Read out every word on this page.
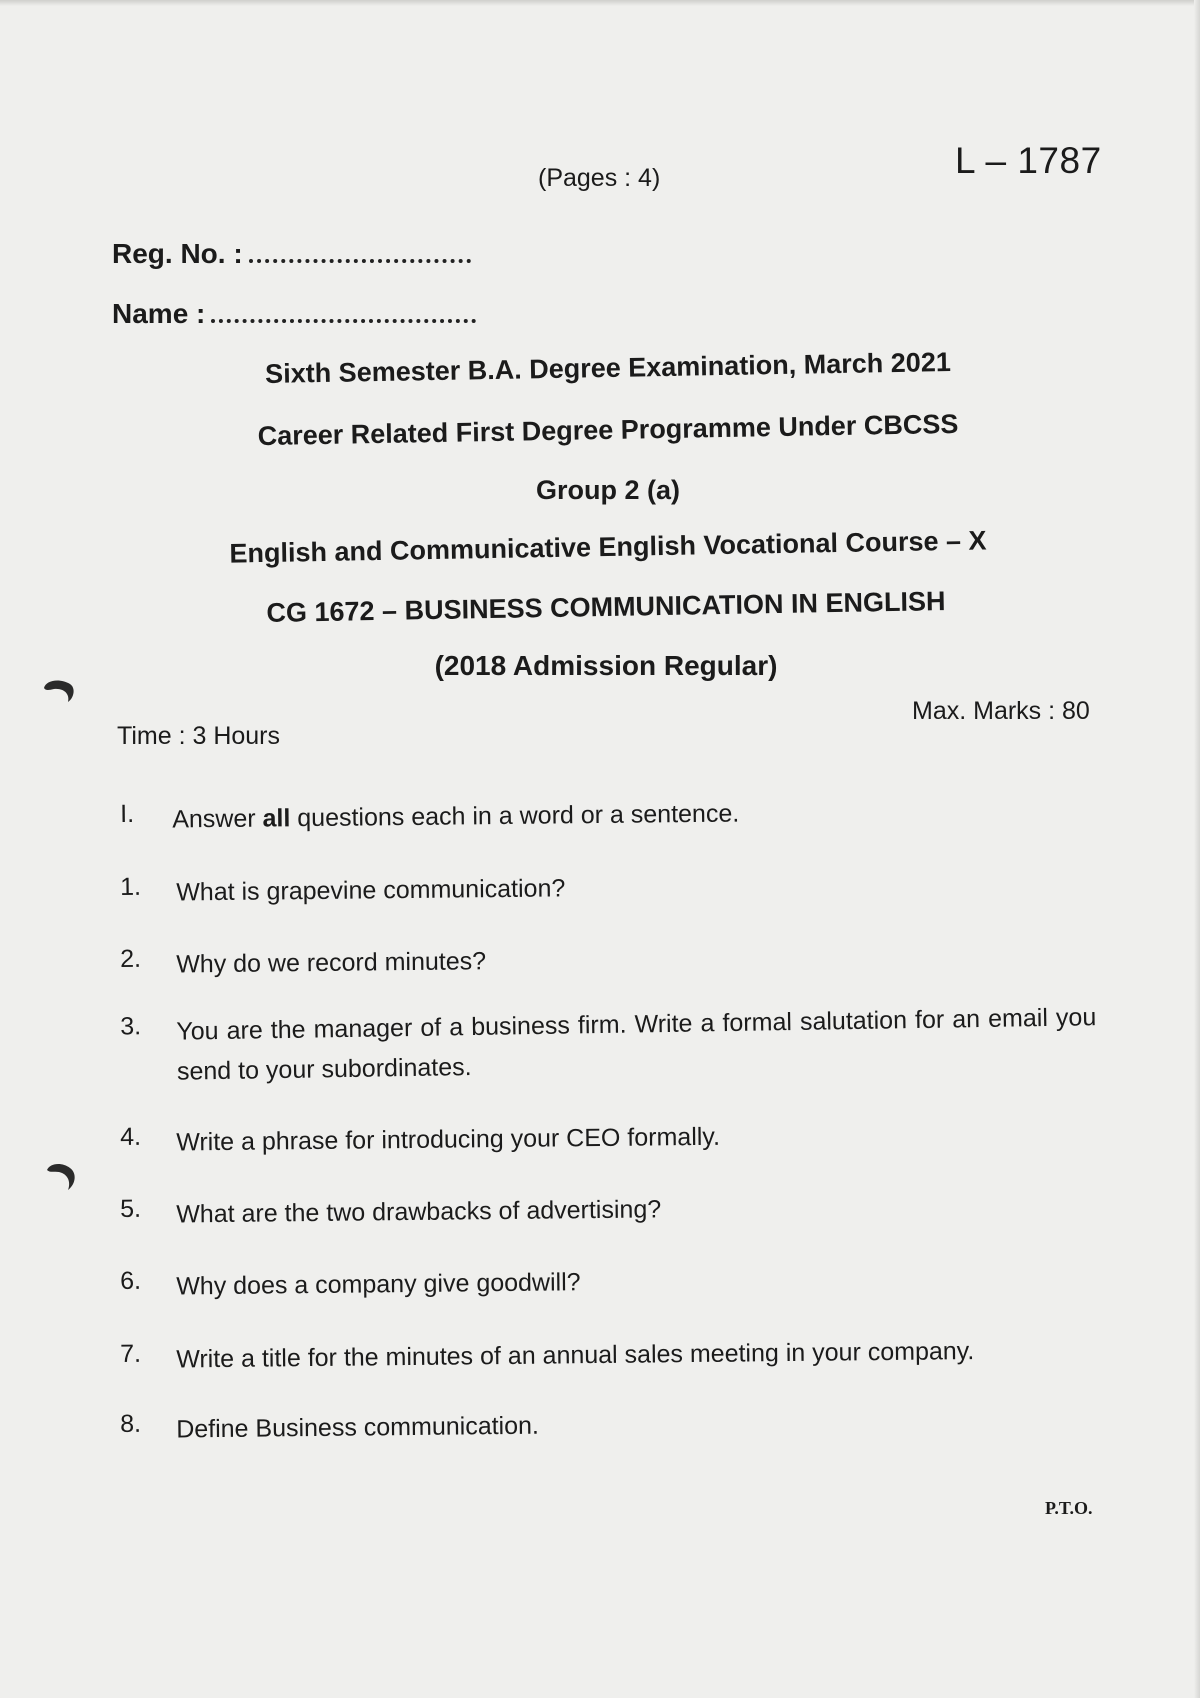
(Pages : 4)	L – 1787
Reg. No. :
Name :
Sixth Semester B.A. Degree Examination, March 2021
Career Related First Degree Programme Under CBCSS
Group 2 (a)
English and Communicative English Vocational Course – X
CG 1672 – BUSINESS COMMUNICATION IN ENGLISH
(2018 Admission Regular)
Time : 3 Hours
Max. Marks : 80
I. Answer all questions each in a word or a sentence.
1. What is grapevine communication?
2. Why do we record minutes?
3. You are the manager of a business firm. Write a formal salutation for an email you send to your subordinates.
4. Write a phrase for introducing your CEO formally.
5. What are the two drawbacks of advertising?
6. Why does a company give goodwill?
7. Write a title for the minutes of an annual sales meeting in your company.
8. Define Business communication.
P.T.O.
